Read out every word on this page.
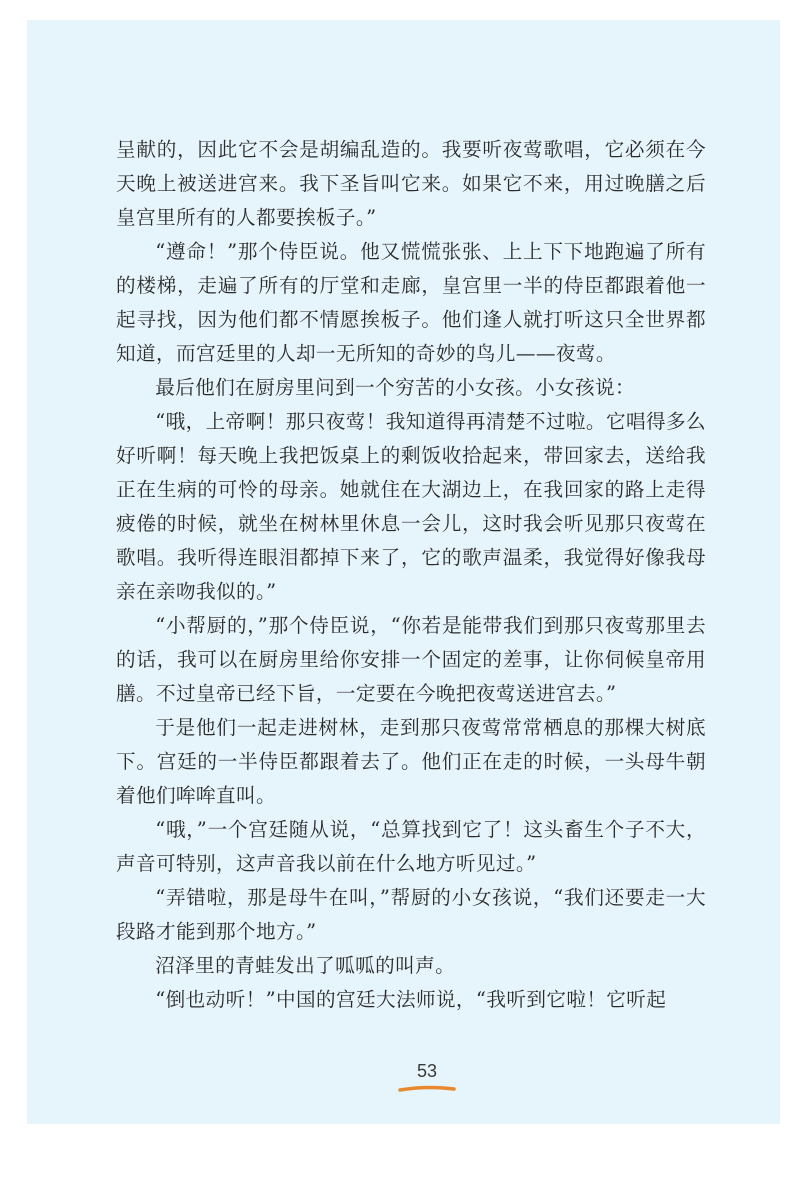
呈献的，因此它不会是胡编乱造的。我要听夜莺歌唱，它必须在今天晚上被送进宫来。我下圣旨叫它来。如果它不来，用过晚膳之后皇宫里所有的人都要挨板子。”

“遵命！”那个侍臣说。他又慌慌张张、上上下下地跑遍了所有的楼梯，走遍了所有的厅堂和走廊，皇宫里一半的侍臣都跟着他一起寻找，因为他们都不情愿挨板子。他们逢人就打听这只全世界都知道，而宫廷里的人却一无所知的奇妙的鸟儿——夜莺。

最后他们在厨房里问到一个穷苦的小女孩。小女孩说：

“哦，上帝啊！那只夜莺！我知道得再清楚不过啦。它唱得多么好听啊！每天晚上我把饭桌上的剩饭收拾起来，带回家去，送给我正在生病的可怜的母亲。她就住在大湖边上，在我回家的路上走得疲倦的时候，就坐在树林里休息一会儿，这时我会听见那只夜莺在歌唱。我听得连眼泪都掉下来了，它的歌声温柔，我觉得好像我母亲在亲吻我似的。”

“小帮厨的，”那个侍臣说，“你若是能带我们到那只夜莺那里去的话，我可以在厨房里给你安排一个固定的差事，让你伺候皇帝用膳。不过皇帝已经下旨，一定要在今晚把夜莺送进宫去。”

于是他们一起走进树林，走到那只夜莺常常栖息的那棵大树底下。宫廷的一半侍臣都跟着去了。他们正在走的时候，一头母牛朝着他们哞哞直叫。

“哦，”一个宫廷随从说，“总算找到它了！这头畜生个子不大，声音可特别，这声音我以前在什么地方听见过。”

“弄错啦，那是母牛在叫，”帮厨的小女孩说，“我们还要走一大段路才能到那个地方。”

沼泽里的青蛙发出了呱呱的叫声。

“倒也动听！”中国的宫廷大法师说，“我听到它啦！它听起

53
